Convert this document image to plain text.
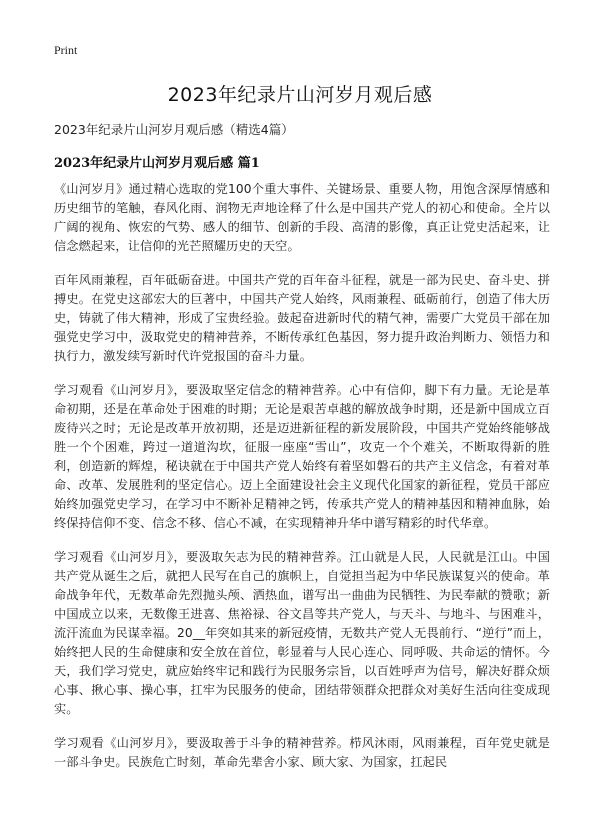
Print
2023年纪录片山河岁月观后感
2023年纪录片山河岁月观后感（精选4篇）
2023年纪录片山河岁月观后感 篇1

《山河岁月》通过精心选取的党100个重大事件、关键场景、重要人物，用饱含深厚情感和历史细节的笔触，春风化雨、润物无声地诠释了什么是中国共产党人的初心和使命。全片以广阔的视角、恢宏的气势、感人的细节、创新的手段、高清的影像，真正让党史活起来，让信念燃起来，让信仰的光芒照耀历史的天空。

百年风雨兼程，百年砥砺奋进。中国共产党的百年奋斗征程，就是一部为民史、奋斗史、拼搏史。在党史这部宏大的巨著中，中国共产党人始终，风雨兼程、砥砺前行，创造了伟大历史，铸就了伟大精神，形成了宝贵经验。鼓起奋进新时代的精气神，需要广大党员干部在加强党史学习中，汲取党史的精神营养，不断传承红色基因，努力提升政治判断力、领悟力和执行力，激发续写新时代许党报国的奋斗力量。

学习观看《山河岁月》，要汲取坚定信念的精神营养。心中有信仰，脚下有力量。无论是革命初期，还是在革命处于困难的时期；无论是艰苦卓越的解放战争时期，还是新中国成立百废待兴之时；无论是改革开放初期，还是迈进新征程的新发展阶段，中国共产党始终能够战胜一个个困难，跨过一道道沟坎，征服一座座“雪山”，攻克一个个难关，不断取得新的胜利，创造新的辉煌，秘诀就在于中国共产党人始终有着坚如磐石的共产主义信念，有着对革命、改革、发展胜利的坚定信心。迈上全面建设社会主义现代化国家的新征程，党员干部应始终加强党史学习，在学习中不断补足精神之钙，传承共产党人的精神基因和精神血脉，始终保持信仰不变、信念不移、信心不减，在实现精神升华中谱写精彩的时代华章。

学习观看《山河岁月》，要汲取矢志为民的精神营养。江山就是人民，人民就是江山。中国共产党从诞生之后，就把人民写在自己的旗帜上，自觉担当起为中华民族谋复兴的使命。革命战争年代，无数革命先烈抛头颅、洒热血，谱写出一曲曲为民牺牲、为民奉献的赞歌；新中国成立以来，无数像王进喜、焦裕禄、谷文昌等共产党人，与天斗、与地斗、与困难斗，流汗流血为民谋幸福。20__年突如其来的新冠疫情，无数共产党人无畏前行、“逆行”而上，始终把人民的生命健康和安全放在首位，彰显着与人民心连心、同呼吸、共命运的情怀。今天，我们学习党史，就应始终牢记和践行为民服务宗旨，以百姓呼声为信号，解决好群众烦心事、揪心事、操心事，扛牢为民服务的使命，团结带领群众把群众对美好生活向往变成现实。

学习观看《山河岁月》，要汲取善于斗争的精神营养。栉风沐雨，风雨兼程，百年党史就是一部斗争史。民族危亡时刻，革命先辈舍小家、顾大家、为国家，扛起民
